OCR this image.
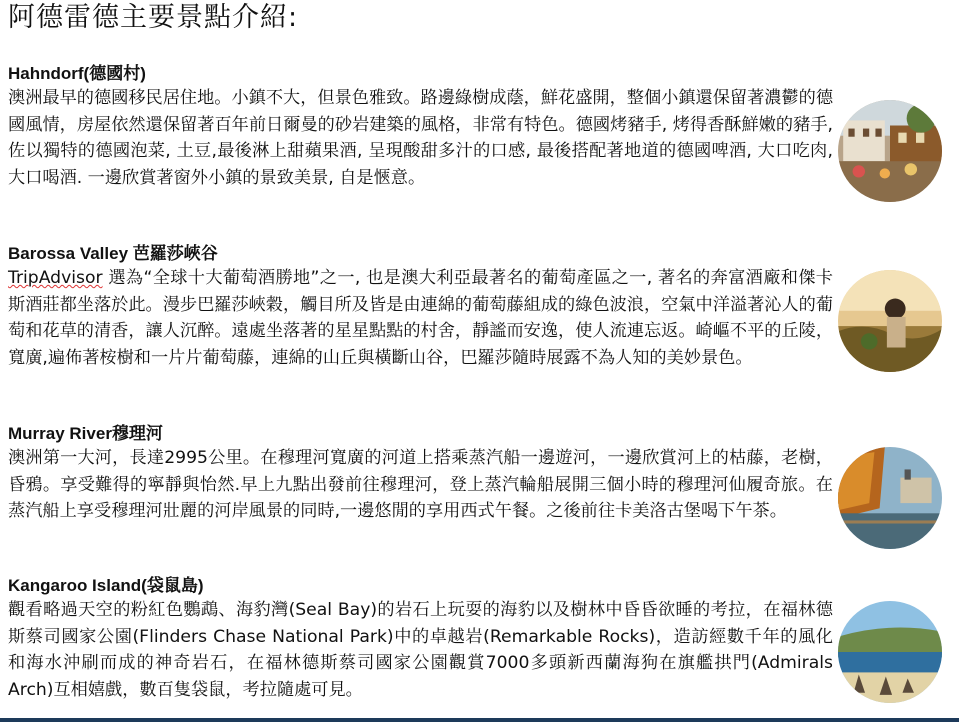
阿德雷德主要景點介紹:

Hahndorf(德國村)

澳洲最早的德國移民居住地。小鎮不大，但景色雅致。路邊綠樹成蔭，鮮花盛開，整個小鎮還保留著濃鬱的德國風情，房屋依然還保留著百年前日爾曼的砂岩建築的風格，非常有特色。德國烤豬手, 烤得香酥鮮嫩的豬手, 佐以獨特的德國泡菜, 土豆,最後淋上甜蘋果酒, 呈現酸甜多汁的口感, 最後搭配著地道的德國啤酒, 大口吃肉, 大口喝酒. 一邊欣賞著窗外小鎮的景致美景, 自是愜意。

Barossa Valley 芭羅莎峽谷

TripAdvisor 選為“全球十大葡萄酒勝地”之一, 也是澳大利亞最著名的葡萄產區之一, 著名的奔富酒廠和傑卡斯酒莊都坐落於此。漫步巴羅莎峽穀，觸目所及皆是由連綿的葡萄藤組成的綠色波浪，空氣中洋溢著沁人的葡萄和花草的清香，讓人沉醉。遠處坐落著的星星點點的村舍，靜謐而安逸，使人流連忘返。崎嶇不平的丘陵，寬廣,遍佈著桉樹和一片片葡萄藤，連綿的山丘與橫斷山谷，巴羅莎隨時展露不為人知的美妙景色。

Murray River穆理河

澳洲第一大河，長達2995公里。在穆理河寬廣的河道上搭乘蒸汽船一邊遊河，一邊欣賞河上的枯藤，老樹，昏鴉。享受難得的寧靜與怡然.早上九點出發前往穆理河，登上蒸汽輪船展開三個小時的穆理河仙履奇旅。在蒸汽船上享受穆理河壯麗的河岸風景的同時,一邊悠閒的享用西式午餐。之後前往卡美洛古堡喝下午茶。

Kangaroo Island(袋鼠島)

觀看略過天空的粉紅色鸚鵡、海豹灣(Seal Bay)的岩石上玩耍的海豹以及樹林中昏昏欲睡的考拉，在福林德斯蔡司國家公園(Flinders Chase National Park)中的卓越岩(Remarkable Rocks)，造訪經數千年的風化和海水沖刷而成的神奇岩石，在福林德斯蔡司國家公園觀賞7000多頭新西蘭海狗在旗艦拱門(Admirals Arch)互相嬉戲，數百隻袋鼠，考拉隨處可見。
